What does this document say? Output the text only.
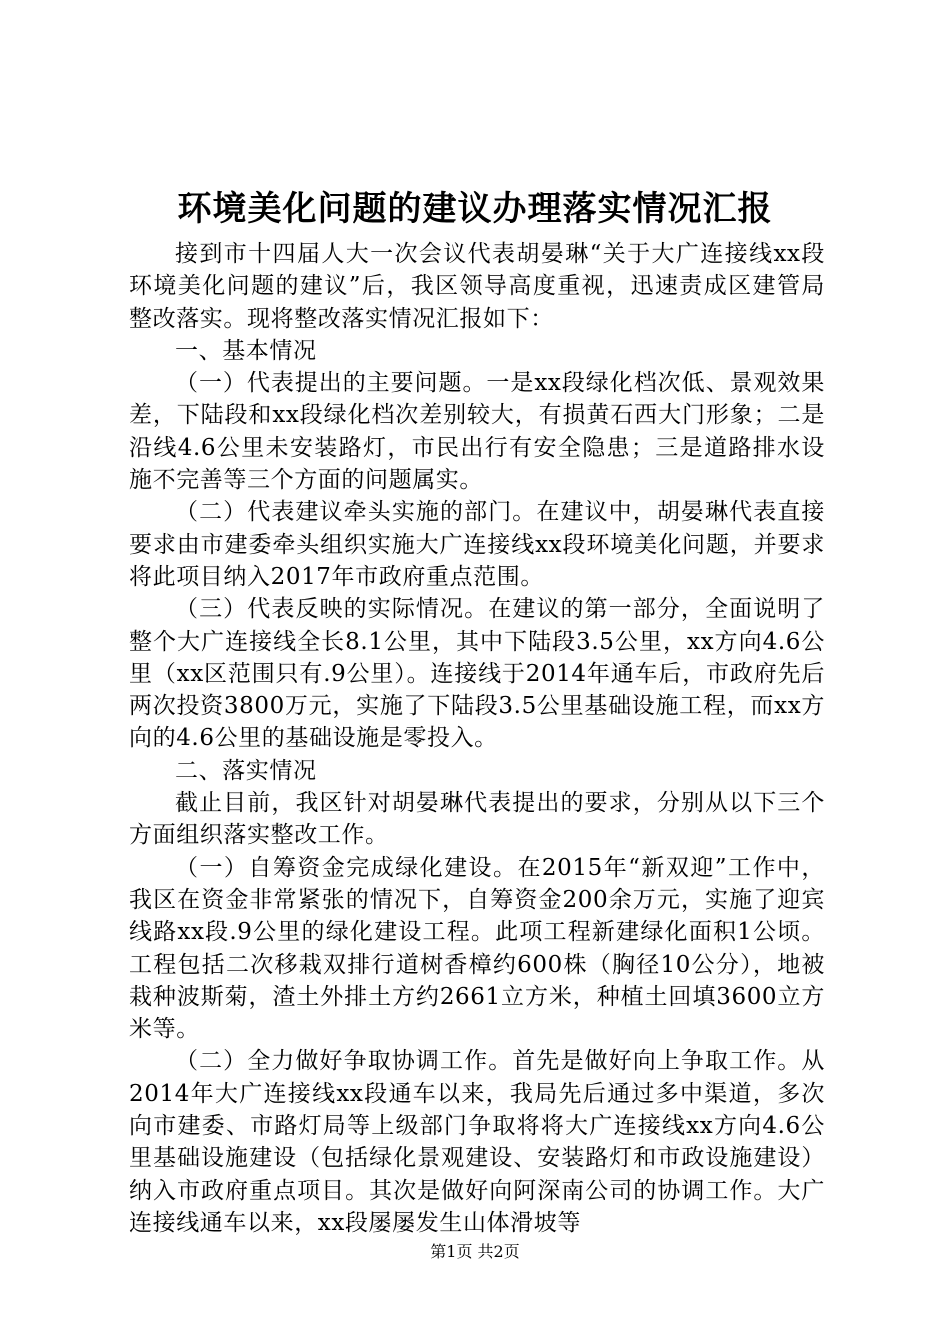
环境美化问题的建议办理落实情况汇报

接到市十四届人大一次会议代表胡晏琳“关于大广连接线xx段环境美化问题的建议”后，我区领导高度重视，迅速责成区建管局整改落实。现将整改落实情况汇报如下：

一、基本情况

（一）代表提出的主要问题。一是xx段绿化档次低、景观效果差，下陆段和xx段绿化档次差别较大，有损黄石西大门形象；二是沿线4.6公里未安装路灯，市民出行有安全隐患；三是道路排水设施不完善等三个方面的问题属实。

（二）代表建议牵头实施的部门。在建议中，胡晏琳代表直接要求由市建委牵头组织实施大广连接线xx段环境美化问题，并要求将此项目纳入2017年市政府重点范围。

（三）代表反映的实际情况。在建议的第一部分，全面说明了整个大广连接线全长8.1公里，其中下陆段3.5公里，xx方向4.6公里（xx区范围只有.9公里）。连接线于2014年通车后，市政府先后两次投资3800万元，实施了下陆段3.5公里基础设施工程，而xx方向的4.6公里的基础设施是零投入。

二、落实情况

截止目前，我区针对胡晏琳代表提出的要求，分别从以下三个方面组织落实整改工作。

（一）自筹资金完成绿化建设。在2015年“新双迎”工作中，我区在资金非常紧张的情况下，自筹资金200余万元，实施了迎宾线路xx段.9公里的绿化建设工程。此项工程新建绿化面积1公顷。工程包括二次移栽双排行道树香樟约600株（胸径10公分），地被栽种波斯菊，渣土外排土方约2661立方米，种植土回填3600立方米等。

（二）全力做好争取协调工作。首先是做好向上争取工作。从2014年大广连接线xx段通车以来，我局先后通过多中渠道，多次向市建委、市路灯局等上级部门争取将将大广连接线xx方向4.6公里基础设施建设（包括绿化景观建设、安装路灯和市政设施建设）纳入市政府重点项目。其次是做好向阿深南公司的协调工作。大广连接线通车以来，xx段屡屡发生山体滑坡等

第1页 共2页
